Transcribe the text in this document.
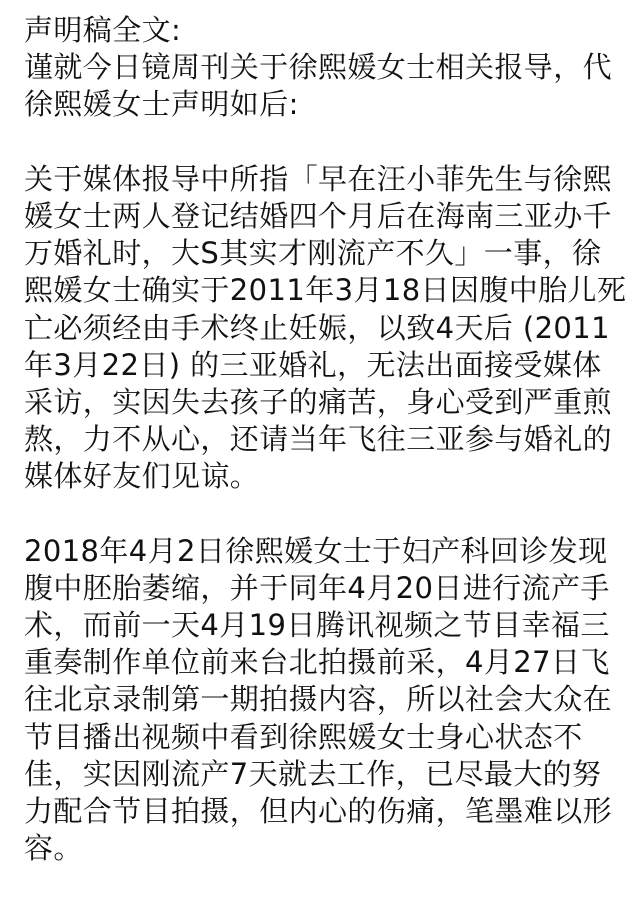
声明稿全文:
谨就今日镜周刊关于徐熙媛女士相关报导，代
徐熙媛女士声明如后:
关于媒体报导中所指「早在汪小菲先生与徐熙
媛女士两人登记结婚四个月后在海南三亚办千
万婚礼时，大S其实才刚流产不久」一事，徐
熙媛女士确实于2011年3月18日因腹中胎儿死
亡必须经由手术终止妊娠，以致4天后 (2011
年3月22日) 的三亚婚礼，无法出面接受媒体
采访，实因失去孩子的痛苦，身心受到严重煎
熬，力不从心，还请当年飞往三亚参与婚礼的
媒体好友们见谅。
2018年4月2日徐熙媛女士于妇产科回诊发现
腹中胚胎萎缩，并于同年4月20日进行流产手
术，而前一天4月19日腾讯视频之节目幸福三
重奏制作单位前来台北拍摄前采，4月27日飞
往北京录制第一期拍摄内容，所以社会大众在
节目播出视频中看到徐熙媛女士身心状态不
佳，实因刚流产7天就去工作，已尽最大的努
力配合节目拍摄，但内心的伤痛，笔墨难以形
容。
